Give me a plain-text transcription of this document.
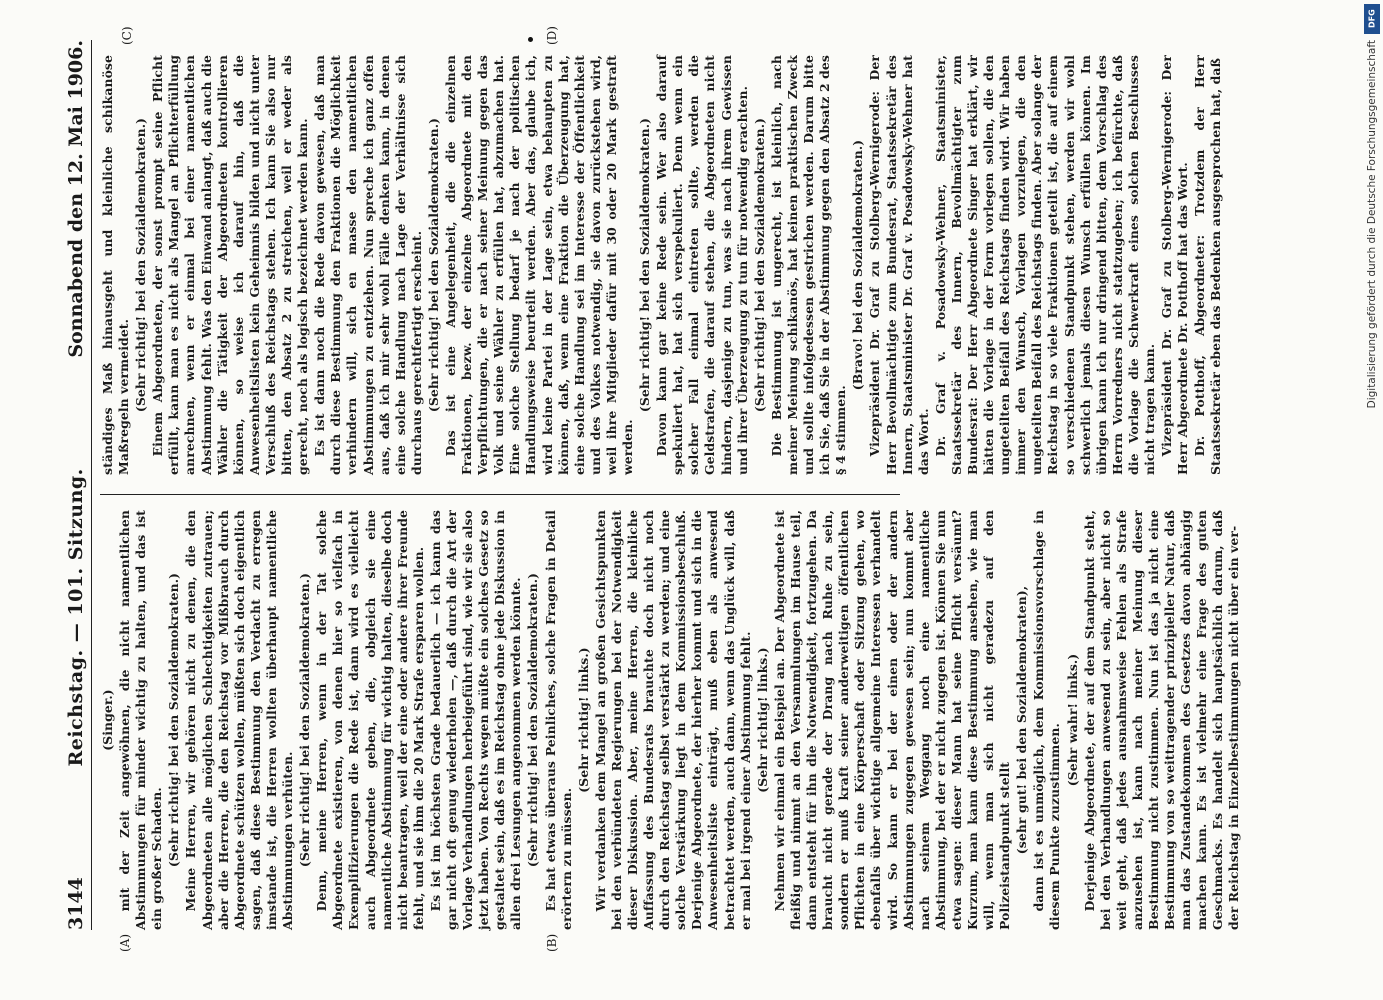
3144
Reichstag. — 101. Sitzung.
Sonnabend den 12. Mai 1906.
(A)	(B)
(C)	(D)

(Singer.) mit der Zeit angewöhnen, die nicht namentlichen Abstimmungen für minder wichtig zu halten, und das ist ein großer Schaden. (Sehr richtig! bei den Sozialdemokraten.) Meine Herren, wir gehören nicht zu denen, die den Abgeordneten alle möglichen Schlechtigkeiten zutrauen; aber die Herren, die den Reichstag vor Mißbrauch durch Abgeordnete schützen wollen, müßten sich doch eigentlich sagen, daß diese Bestimmung den Verdacht zu erregen imstande ist, die Herren wollten überhaupt namentliche Abstimmungen verhüten. (Sehr richtig! bei den Sozialdemokraten.) Denn, meine Herren, wenn in der Tat solche Abgeordnete existieren, von denen hier so vielfach in Exemplifizierungen die Rede ist, dann wird es vielleicht auch Abgeordnete geben, die, obgleich sie eine namentliche Abstimmung für wichtig halten, dieselbe doch nicht beantragen, weil der eine oder andere ihrer Freunde fehlt, und sie ihm die 20 Mark Strafe ersparen wollen. Es ist im höchsten Grade bedauerlich — ich kann das gar nicht oft genug wiederholen —, daß durch die Art der Vorlage Verhandlungen herbeigeführt sind, wie wir sie also jetzt haben. Von Rechts wegen müßte ein solches Gesetz so gestaltet sein, daß es im Reichstag ohne jede Diskussion in allen drei Lesungen angenommen werden könnte. (Sehr richtig! bei den Sozialdemokraten.) Es hat etwas überaus Peinliches, solche Fragen in Detail erörtern zu müssen.

(Sehr richtig! links.) Wir verdanken dem Mangel an großen Gesichtspunkten bei den verbündeten Regierungen bei der Notwendigkeit dieser Diskussion. Aber, meine Herren, die kleinliche Auffassung des Bundesrats brauchte doch nicht noch durch den Reichstag selbst verstärkt zu werden; und eine solche Verstärkung liegt in dem Kommissionsbeschluß. Derjenige Abgeordnete, der hierher kommt und sich in die Anwesenheitsliste einträgt, muß eben als anwesend betrachtet werden, auch dann, wenn das Unglück will, daß er mal bei irgend einer Abstimmung fehlt. (Sehr richtig! links.) Nehmen wir einmal ein Beispiel an. Der Abgeordnete ist fleißig und nimmt an den Versammlungen im Hause teil, dann entsteht für ihn die Notwendigkeit, fortzugehen. Da braucht nicht gerade der Drang nach Ruhe zu sein, sondern er muß kraft seiner anderweitigen öffentlichen Pflichten in eine Körperschaft oder Sitzung gehen, wo ebenfalls über wichtige allgemeine Interessen verhandelt wird. So kann er bei der einen oder der andern Abstimmungen zugegen gewesen sein; nun kommt aber nach seinem Weggang noch eine namentliche Abstimmung, bei der er nicht zugegen ist. Können Sie nun etwa sagen: dieser Mann hat seine Pflicht versäumt? Kurzum, man kann diese Bestimmung ansehen, wie man will, wenn man sich nicht geradezu auf den Polizeistandpunkt stellt (sehr gut! bei den Sozialdemokraten), dann ist es unmöglich, dem Kommissionsvorschlage in diesem Punkte zuzustimmen.

(Sehr wahr! links.) Derjenige Abgeordnete, der auf dem Standpunkt steht, bei den Verhandlungen anwesend zu sein, aber nicht so weit geht, daß jedes ausnahmsweise Fehlen als Strafe anzusehen ist, kann nach meiner Meinung dieser Bestimmung nicht zustimmen. Nun ist das ja nicht eine Bestimmung von so weittragender prinzipieller Natur, daß man das Zustandekommen des Gesetzes davon abhängig machen kann. Es ist vielmehr eine Frage des guten Geschmacks. Es handelt sich hauptsächlich darum, daß der Reichstag in Einzelbestimmungen nicht über ein ver-

ständiges Maß hinausgeht und kleinliche schikanöse Maßregeln vermeidet. (Sehr richtig! bei den Sozialdemokraten.) Einem Abgeordneten, der sonst prompt seine Pflicht erfüllt, kann man es nicht als Mangel an Pflichterfüllung anrechnen, wenn er einmal bei einer namentlichen Abstimmung fehlt. Was den Einwand anlangt, daß auch die Wähler die Tätigkeit der Abgeordneten kontrollieren können, so weise ich darauf hin, daß die Anwesenheitslisten kein Geheimnis bilden und nicht unter Verschluß des Reichstags stehen. Ich kann Sie also nur bitten, den Absatz 2 zu streichen, weil er weder als gerecht, noch als logisch bezeichnet werden kann. Es ist dann noch die Rede davon gewesen, daß man durch diese Bestimmung den Fraktionen die Möglichkeit verhindern will, sich en masse den namentlichen Abstimmungen zu entziehen. Nun spreche ich ganz offen aus, daß ich mir sehr wohl Fälle denken kann, in denen eine solche Handlung nach Lage der Verhältnisse sich durchaus gerechtfertigt erscheint. (Sehr richtig! bei den Sozialdemokraten.) Das ist eine Angelegenheit, die die einzelnen Fraktionen, bezw. der einzelne Abgeordnete mit den Verpflichtungen, die er nach seiner Meinung gegen das Volk und seine Wähler zu erfüllen hat, abzumachen hat. Eine solche Stellung bedarf je nach der politischen Handlungsweise beurteilt werden. Aber das, glaube ich, wird keine Partei in der Lage sein, etwa behaupten zu können, daß, wenn eine Fraktion die Überzeugung hat, eine solche Handlung sei im Interesse der Öffentlichkeit und des Volkes notwendig, sie davon zurückstehen wird, weil ihre Mitglieder dafür mit 30 oder 20 Mark gestraft werden.

(Sehr richtig! bei den Sozialdemokraten.) Davon kann gar keine Rede sein. Wer also darauf spekuliert hat, hat sich verspekuliert. Denn wenn ein solcher Fall einmal eintreten sollte, werden die Geldstrafen, die darauf stehen, die Abgeordneten nicht hindern, dasjenige zu tun, was sie nach ihrem Gewissen und ihrer Überzeugung zu tun für notwendig erachten. (Sehr richtig! bei den Sozialdemokraten.) Die Bestimmung ist ungerecht, ist kleinlich, nach meiner Meinung schikanös, hat keinen praktischen Zweck und sollte infolgedessen gestrichen werden. Darum bitte ich Sie, daß Sie in der Abstimmung gegen den Absatz 2 des § 4 stimmen.

(Bravo! bei den Sozialdemokraten.) Vizepräsident Dr. Graf zu Stolberg-Wernigerode: Der Herr Bevollmächtigte zum Bundesrat, Staatssekretär des Innern, Staatsminister Dr. Graf v. Posadowsky-Wehner hat das Wort. Dr. Graf v. Posadowsky-Wehner, Staatsminister, Staatssekretär des Innern, Bevollmächtigter zum Bundesrat: Der Herr Abgeordnete Singer hat erklärt, wir hätten die Vorlage in der Form vorlegen sollen, die den ungeteilten Beifall des Reichstags finden wird. Wir haben immer den Wunsch, Vorlagen vorzulegen, die den ungeteilten Beifall des Reichstags finden. Aber solange der Reichstag in so viele Fraktionen geteilt ist, die auf einem so verschiedenen Standpunkt stehen, werden wir wohl schwerlich jemals diesen Wunsch erfüllen können. Im übrigen kann ich nur dringend bitten, dem Vorschlag des Herrn Vorredners nicht stattzugeben; ich befürchte, daß die Vorlage die Schwerkraft eines solchen Beschlusses nicht tragen kann. Vizepräsident Dr. Graf zu Stolberg-Wernigerode: Der Herr Abgeordnete Dr. Potthoff hat das Wort. Dr. Potthoff, Abgeordneter: Trotzdem der Herr Staatssekretär eben das Bedenken ausgesprochen hat, daß	Digitalisierung gefördert durch die Deutsche Forschungsgemeinschaft
DFG
